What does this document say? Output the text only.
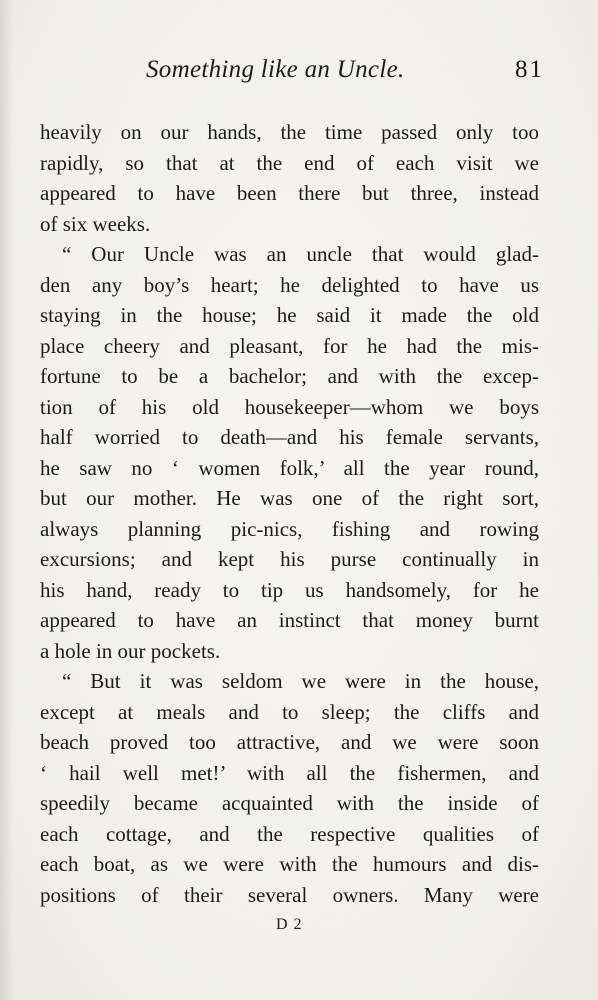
Something like an Uncle.	81
heavily on our hands, the time passed only too
rapidly, so that at the end of each visit we
appeared to have been there but three, instead
of six weeks.
“ Our Uncle was an uncle that would glad-
den any boy’s heart; he delighted to have us
staying in the house; he said it made the old
place cheery and pleasant, for he had the mis-
fortune to be a bachelor; and with the excep-
tion of his old housekeeper—whom we boys
half worried to death—and his female servants,
he saw no ‘ women folk,’ all the year round,
but our mother. He was one of the right sort,
always planning pic-nics, fishing and rowing
excursions; and kept his purse continually in
his hand, ready to tip us handsomely, for he
appeared to have an instinct that money burnt
a hole in our pockets.
“ But it was seldom we were in the house,
except at meals and to sleep; the cliffs and
beach proved too attractive, and we were soon
‘ hail well met!’ with all the fishermen, and
speedily became acquainted with the inside of
each cottage, and the respective qualities of
each boat, as we were with the humours and dis-
positions of their several owners. Many were
D 2
